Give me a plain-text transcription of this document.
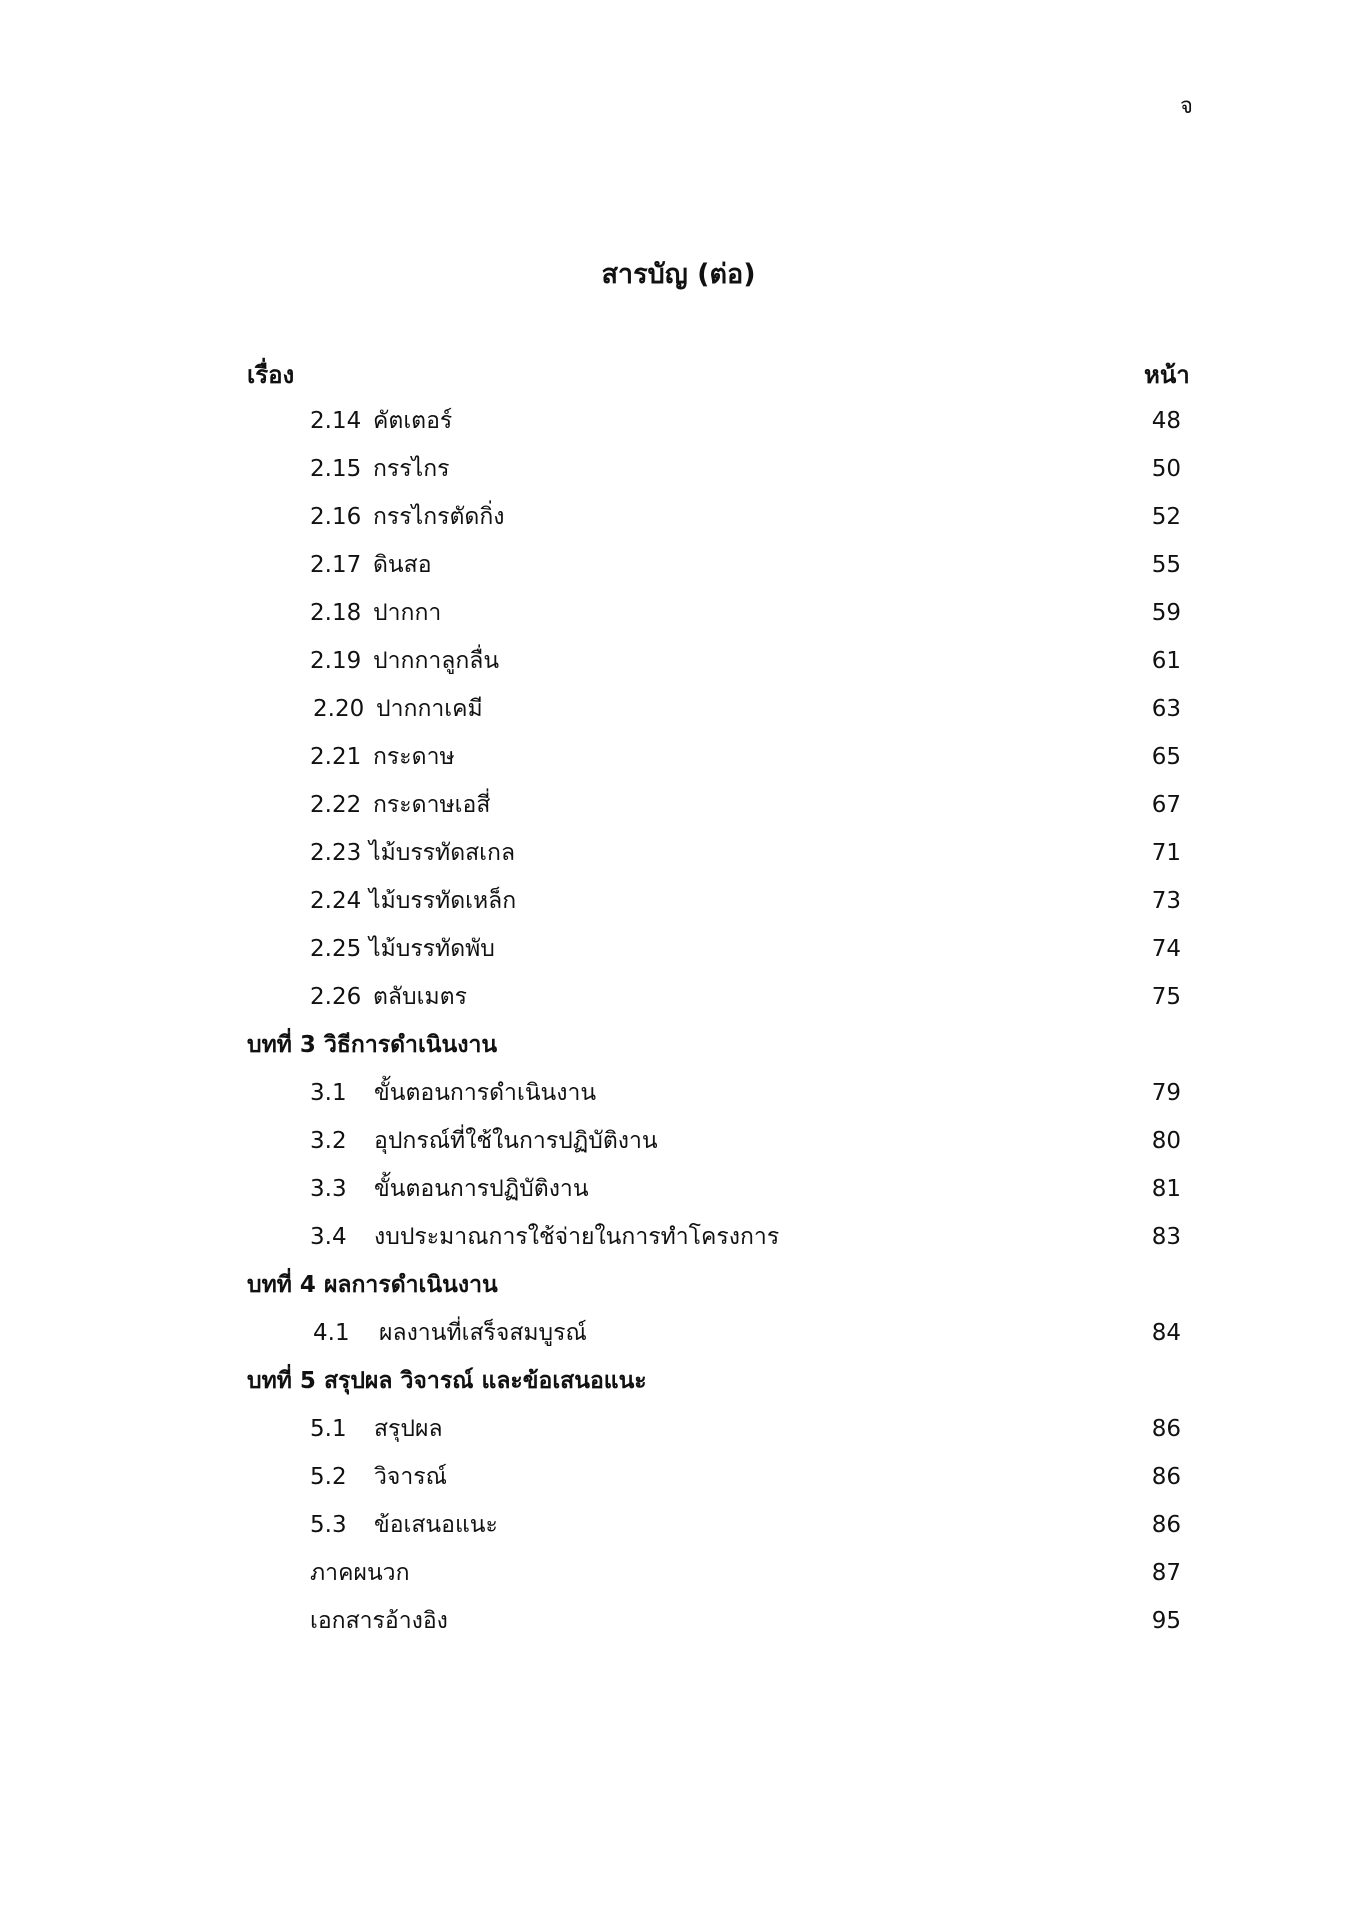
จ
สารบัญ (ต่อ)
เรื่อง	หน้า
2.14 คัตเตอร์	48
2.15 กรรไกร	50
2.16 กรรไกรตัดกิ่ง	52
2.17 ดินสอ	55
2.18 ปากกา	59
2.19 ปากกาลูกลื่น	61
2.20 ปากกาเคมี	63
2.21 กระดาษ	65
2.22 กระดาษเอสี่	67
2.23 ไม้บรรทัดสเกล	71
2.24 ไม้บรรทัดเหล็ก	73
2.25 ไม้บรรทัดพับ	74
2.26 ตลับเมตร	75
บทที่ 3 วิธีการดำเนินงาน
3.1 ขั้นตอนการดำเนินงาน	79
3.2 อุปกรณ์ที่ใช้ในการปฏิบัติงาน	80
3.3 ขั้นตอนการปฏิบัติงาน	81
3.4 งบประมาณการใช้จ่ายในการทำโครงการ	83
บทที่ 4 ผลการดำเนินงาน
4.1 ผลงานที่เสร็จสมบูรณ์	84
บทที่ 5 สรุปผล วิจารณ์ และข้อเสนอแนะ
5.1 สรุปผล	86
5.2 วิจารณ์	86
5.3 ข้อเสนอแนะ	86
ภาคผนวก	87
เอกสารอ้างอิง	95
